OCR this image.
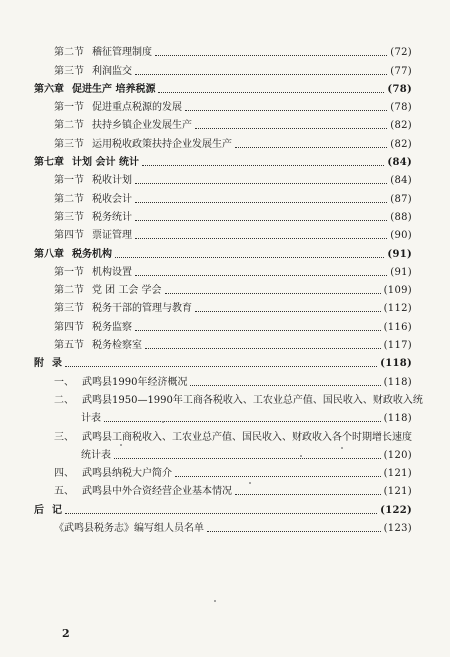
第二节 稽征管理制度	(72)
第三节 利润监交	(77)
第六章 促进生产 培养税源	(78)
第一节 促进重点税源的发展	(78)
第二节 扶持乡镇企业发展生产	(82)
第三节 运用税收政策扶持企业发展生产	(82)
第七章 计划 会计 统计	(84)
第一节 税收计划	(84)
第二节 税收会计	(87)
第三节 税务统计	(88)
第四节 票证管理	(90)
第八章 税务机构	(91)
第一节 机构设置	(91)
第二节 党 团 工会 学会	(109)
第三节 税务干部的管理与教育	(112)
第四节 税务监察	(116)
第五节 税务检察室	(117)
附 录	(118)
一、 武鸣县1990年经济概况	(118)
二、 武鸣县1950—1990年工商各税收入、工农业总产值、国民收入、财政收入统
计表	(118)
三、 武鸣县工商税收入、工农业总产值、国民收入、财政收入各个时期增长速度
统计表	(120)
四、 武鸣县纳税大户简介	(121)
五、 武鸣县中外合资经营企业基本情况	(121)
后 记	(122)
《武鸣县税务志》编写组人员名单	(123)
2
